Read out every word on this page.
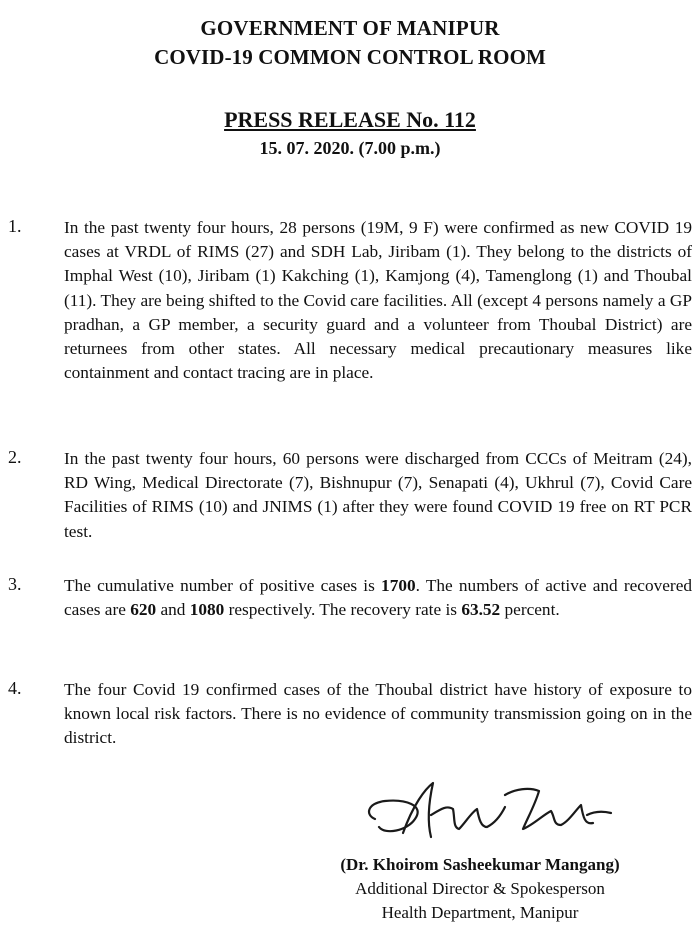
GOVERNMENT OF MANIPUR
COVID-19 COMMON CONTROL ROOM
PRESS RELEASE No. 112
15. 07. 2020. (7.00 p.m.)
1. In the past twenty four hours, 28 persons (19M, 9 F) were confirmed as new COVID 19 cases at VRDL of RIMS (27) and SDH Lab, Jiribam (1). They belong to the districts of Imphal West (10), Jiribam (1) Kakching (1), Kamjong (4), Tamenglong (1) and Thoubal (11). They are being shifted to the Covid care facilities. All (except 4 persons namely a GP pradhan, a GP member, a security guard and a volunteer from Thoubal District) are returnees from other states. All necessary medical precautionary measures like containment and contact tracing are in place.
2. In the past twenty four hours, 60 persons were discharged from CCCs of Meitram (24), RD Wing, Medical Directorate (7), Bishnupur (7), Senapati (4), Ukhrul (7), Covid Care Facilities of RIMS (10) and JNIMS (1) after they were found COVID 19 free on RT PCR test.
3. The cumulative number of positive cases is 1700. The numbers of active and recovered cases are 620 and 1080 respectively. The recovery rate is 63.52 percent.
4. The four Covid 19 confirmed cases of the Thoubal district have history of exposure to known local risk factors. There is no evidence of community transmission going on in the district.
(Dr. Khoirom Sasheekumar Mangang)
Additional Director & Spokesperson
Health Department, Manipur
